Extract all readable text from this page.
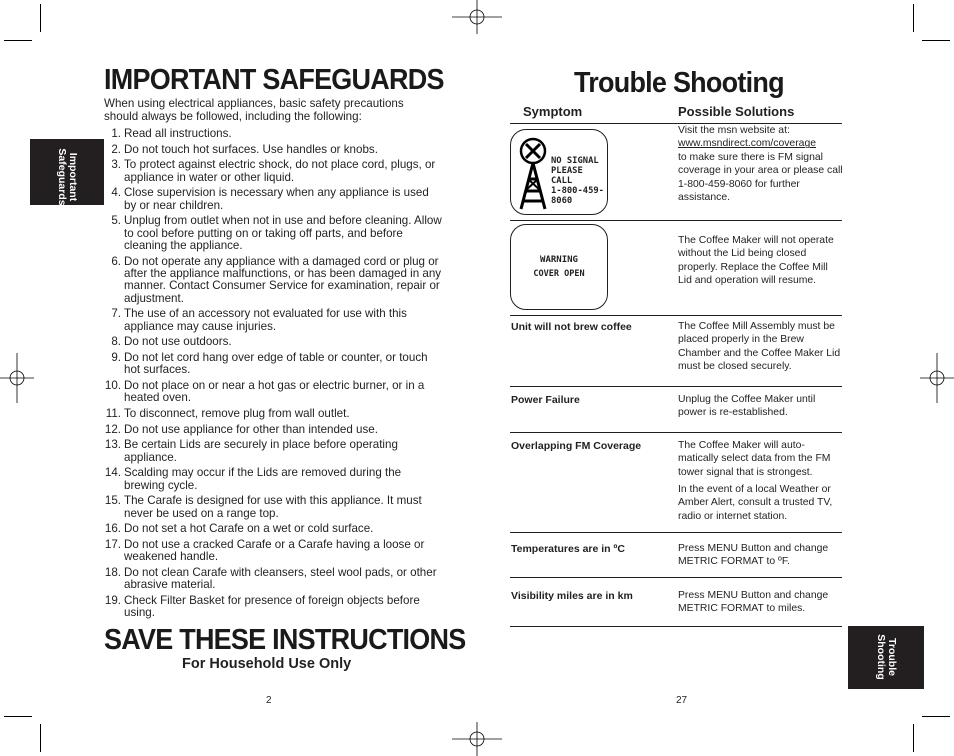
IMPORTANT SAFEGUARDS
When using electrical appliances, basic safety precautions should always be followed, including the following:
Important
Safeguards
1. Read all instructions.
2. Do not touch hot surfaces. Use handles or knobs.
3. To protect against electric shock, do not place cord, plugs, or appliance in water or other liquid.
4. Close supervision is necessary when any appliance is used by or near children.
5. Unplug from outlet when not in use and before cleaning. Allow to cool before putting on or taking off parts, and before cleaning the appliance.
6. Do not operate any appliance with a damaged cord or plug or after the appliance malfunctions, or has been damaged in any manner. Contact Consumer Service for examination, repair or adjustment.
7. The use of an accessory not evaluated for use with this appliance may cause injuries.
8. Do not use outdoors.
9. Do not let cord hang over edge of table or counter, or touch hot surfaces.
10. Do not place on or near a hot gas or electric burner, or in a heated oven.
11. To disconnect, remove plug from wall outlet.
12. Do not use appliance for other than intended use.
13. Be certain Lids are securely in place before operating appliance.
14. Scalding may occur if the Lids are removed during the brewing cycle.
15. The Carafe is designed for use with this appliance. It must never be used on a range top.
16. Do not set a hot Carafe on a wet or cold surface.
17. Do not use a cracked Carafe or a Carafe having a loose or weakened handle.
18. Do not clean Carafe with cleansers, steel wool pads, or other abrasive material.
19. Check Filter Basket for presence of foreign objects before using.
SAVE THESE INSTRUCTIONS
For Household Use Only
2
Trouble Shooting
Symptom	Possible Solutions
NO SIGNAL
PLEASE
CALL
1-800-459-
8060
Visit the msn website at:
www.msndirect.com/coverage
to make sure there is FM signal coverage in your area or please call 1-800-459-8060 for further assistance.
WARNING
COVER OPEN
The Coffee Maker will not operate without the Lid being closed properly. Replace the Coffee Mill Lid and operation will resume.
Unit will not brew coffee	The Coffee Mill Assembly must be placed properly in the Brew Chamber and the Coffee Maker Lid must be closed securely.
Power Failure	Unplug the Coffee Maker until power is re-established.
Overlapping FM Coverage	The Coffee Maker will auto-matically select data from the FM tower signal that is strongest.
In the event of a local Weather or Amber Alert, consult a trusted TV, radio or internet station.
Temperatures are in ºC	Press MENU Button and change METRIC FORMAT to ºF.
Visibility miles are in km	Press MENU Button and change METRIC FORMAT to miles.
Trouble
Shooting
27
